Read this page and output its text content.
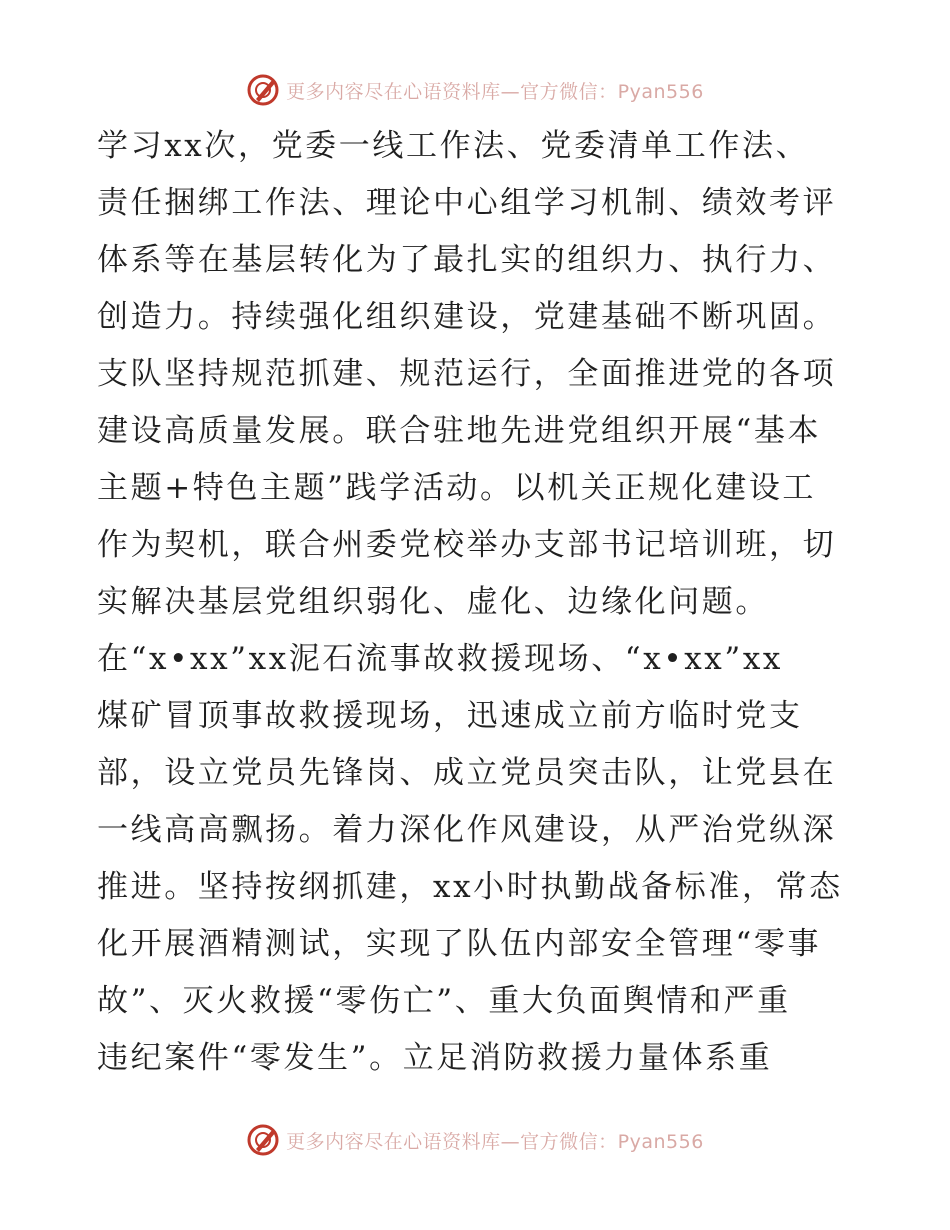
更多内容尽在心语资料库—官方微信：Pyan556
学习xx次，党委一线工作法、党委清单工作法、
责任捆绑工作法、理论中心组学习机制、绩效考评
体系等在基层转化为了最扎实的组织力、执行力、
创造力。持续强化组织建设，党建基础不断巩固。
支队坚持规范抓建、规范运行，全面推进党的各项
建设高质量发展。联合驻地先进党组织开展“基本
主题+特色主题”践学活动。以机关正规化建设工
作为契机，联合州委党校举办支部书记培训班，切
实解决基层党组织弱化、虚化、边缘化问题。
在“x•xx”xx泥石流事故救援现场、“x•xx”xx
煤矿冒顶事故救援现场，迅速成立前方临时党支
部，设立党员先锋岗、成立党员突击队，让党县在
一线高高飘扬。着力深化作风建设，从严治党纵深
推进。坚持按纲抓建，xx小时执勤战备标准，常态
化开展酒精测试，实现了队伍内部安全管理“零事
故”、灭火救援“零伤亡”、重大负面舆情和严重
违纪案件“零发生”。立足消防救援力量体系重
更多内容尽在心语资料库—官方微信：Pyan556
